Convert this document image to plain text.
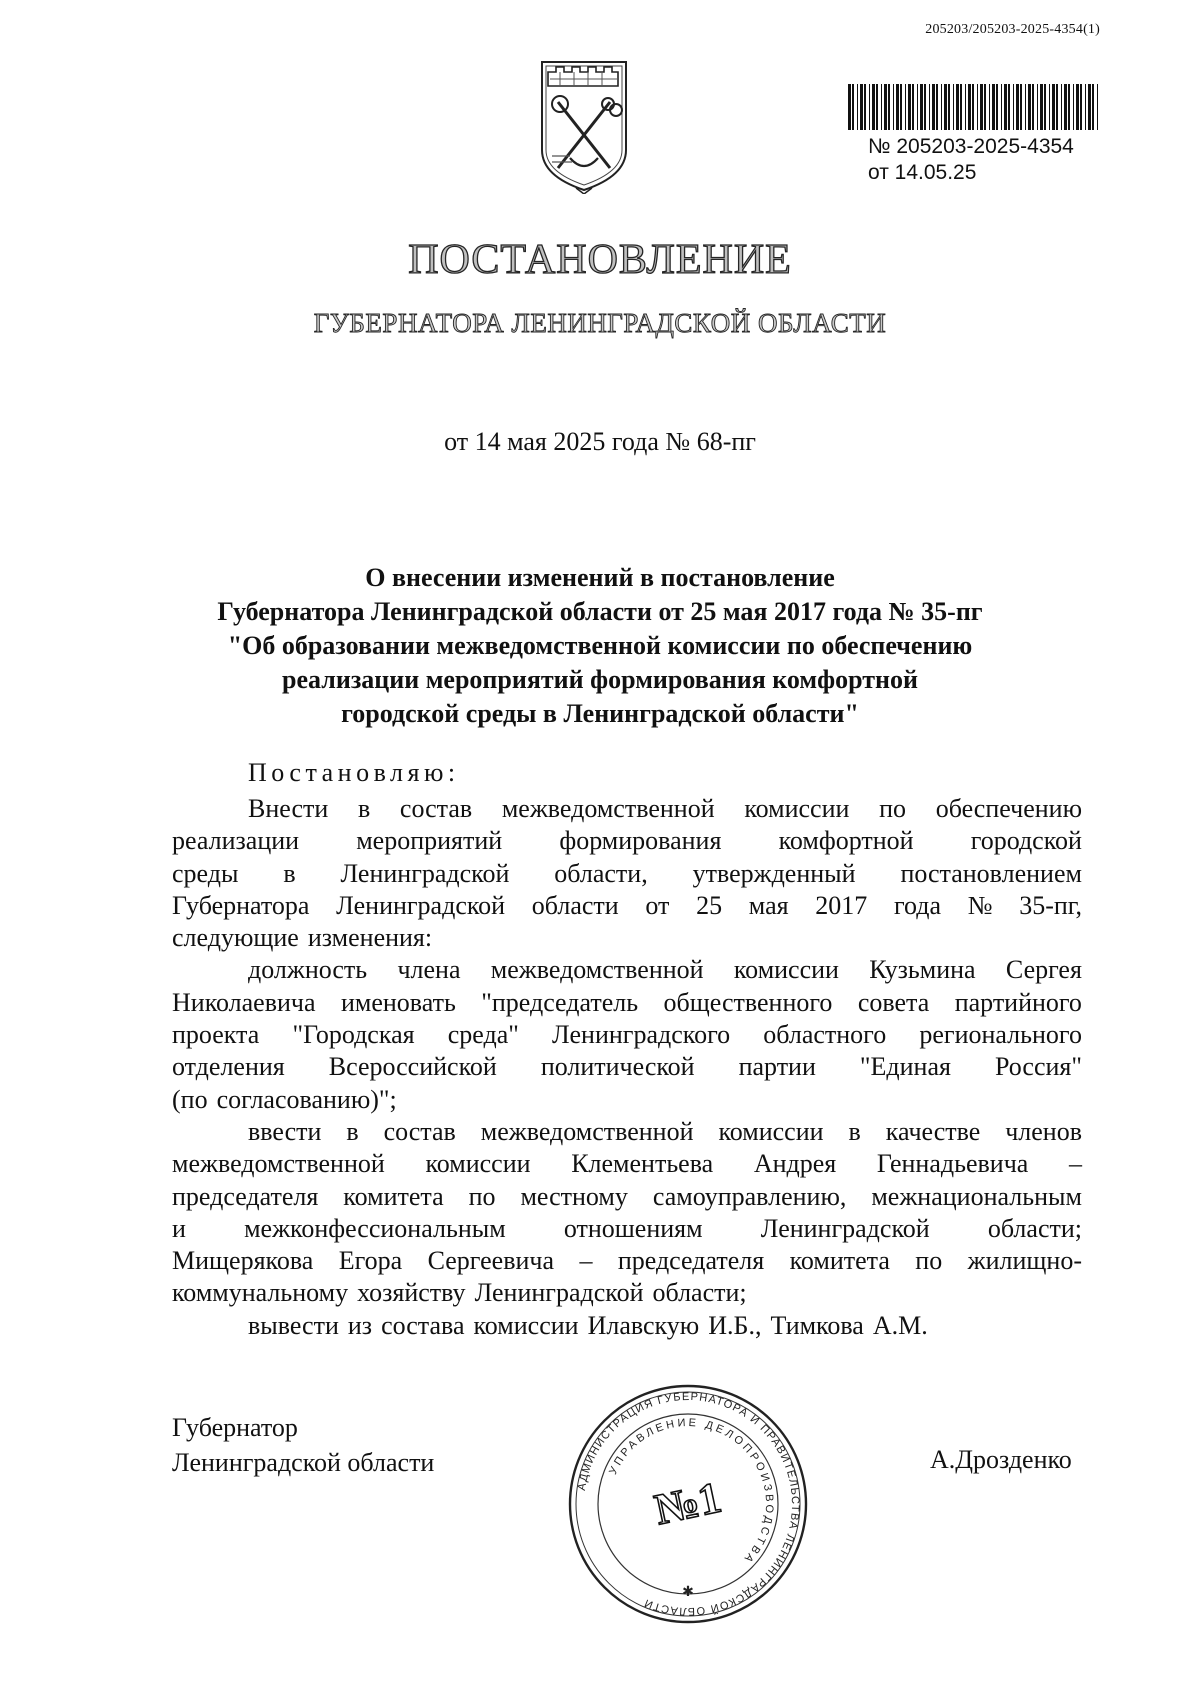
205203/205203-2025-4354(1)
№ 205203-2025-4354
от 14.05.25
ПОСТАНОВЛЕНИЕ
ГУБЕРНАТОРА ЛЕНИНГРАДСКОЙ ОБЛАСТИ
от 14 мая 2025 года № 68-пг
О внесении изменений в постановление
Губернатора Ленинградской области от 25 мая 2017 года № 35-пг
"Об образовании межведомственной комиссии по обеспечению
реализации мероприятий формирования комфортной
городской среды в Ленинградской области"
Постановляю:
Внести в состав межведомственной комиссии по обеспечению
реализации мероприятий формирования комфортной городской
среды в Ленинградской области, утвержденный постановлением
Губернатора Ленинградской области от 25 мая 2017 года № 35-пг,
следующие изменения:
должность члена межведомственной комиссии Кузьмина Сергея
Николаевича именовать "председатель общественного совета партийного
проекта "Городская среда" Ленинградского областного регионального
отделения Всероссийской политической партии "Единая Россия"
(по согласованию)";
ввести в состав межведомственной комиссии в качестве членов
межведомственной комиссии Клементьева Андрея Геннадьевича –
председателя комитета по местному самоуправлению, межнациональным
и межконфессиональным отношениям Ленинградской области;
Мищерякова Егора Сергеевича – председателя комитета по жилищно-
коммунальному хозяйству Ленинградской области;
вывести из состава комиссии Илавскую И.Б., Тимкова А.М.
Губернатор
Ленинградской области	А.Дрозденко
АДМИНИСТРАЦИЯ ГУБЕРНАТОРА И ПРАВИТЕЛЬСТВА ЛЕНИНГРАДСКОЙ ОБЛАСТИ
УПРАВЛЕНИЕ ДЕЛОПРОИЗВОДСТВА
№1
✱
